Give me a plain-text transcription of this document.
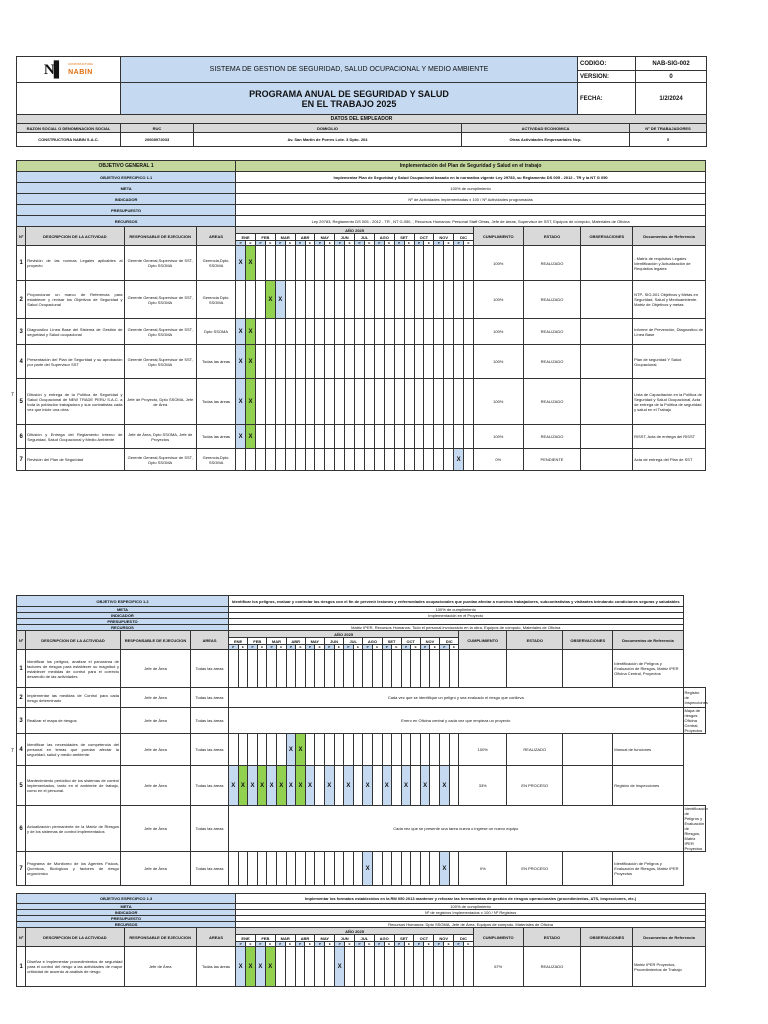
N▌ CONSTRUCTORA
NABIN	SISTEMA DE GESTION DE SEGURIDAD, SALUD OCUPACIONAL Y MEDIO AMBIENTE	CODIGO:	NAB-SIG-002
		VERSION:	0

	PROGRAMA ANUAL DE SEGURIDAD Y SALUD
EN EL TRABAJO 2025	FECHA:	1/2/2024
DATOS DEL EMPLEADOR				
RAZON SOCIAL O DENOMINACION SOCIAL	RUC	DOMICILIO	ACTIVIDAD ECONOMICA	Nº DE TRABAJADORES
CONSTRUCTORA NABIN S.A.C.	20608974033	Av. San Martin de Porres Lote. 3 Dpto. 204	Otras Actividades Empresariales Ncp.	5
7
7
OBJETIVO GENERAL 1				Implementación del Plan de Seguridad y Salud en el trabajo																											
OBJETIVO ESPECIFICO 1.1				Implementar Plan de Seguridad y Salud Ocupacional basado en la normativa vigente Ley 29783, su Reglamento DS 005 - 2012 - TR y la NT G 050																											
META				100% de cumplimiento																											
INDICADOR				Nº de Actividades Implementadas x 100 / Nº Actividades programadas																											
PRESUPUESTO																															
RECURSOS				Ley 29783, Reglamento DS 005 - 2012 - TR , NT G.050, , Recursos Humanos: Personal Staff Obras, Jefe de áreas, Supervisor de SST, Equipos de cómputo, Materiales de Oficina																											
Nº	DESCRIPCION DE LA ACTIVIDAD	RESPONSABLE DE EJECUCION	AREAS	AÑO 2025																								CUMPLIMIENTO	ESTADO	OBSERVACIONES	Documentos de Referencia
				ENE		FEB		MAR		ABR		MAY		JUN		JUL		AGO		SET		OCT		NOV		DIC					
				P	E	P	E	P	E	P	E	P	E	P	E	P	E	P	E	P	E	P	E	P	E	P	E				
1	Revisión de las normas Legales aplicables al proyecto	Gerente General,Supervisor de SST, Dpto SSOMA	Gerencia,Dpto. SSOMA	X	X																							100%	REALIZADO		- Matriz de requisitos Legales
Identificación y Actualización de Requisitos legales
2	Proporcionar un marco de Referencia para establecer y revisar los Objetivos de Seguridad y Salud Ocupacional	Gerente General,Supervisor de SST, Dpto SSOMA	Gerencia Dpto. SSOMA				X	X																				100%	REALIZADO		NTP- SIG-001 Objetivos y Metas en Seguridad, Salud y Medioambiente.
Matriz de Objetivos y metas
3	Diagnostico Línea Base del Sistema de Gestión de seguridad y Salud ocupacional	Gerente General,Supervisor de SST, Dpto SSOMA	Dpto SSOMA	X	X																							100%	REALIZADO		Informe de Prevención, Diagnostico de Línea Base
4	Presentación del Plan de Seguridad y su aprobación por parte del Supervisor SST	Gerente General,Supervisor de SST, Dpto SSOMA	Todas las áreas	X	X																							100%	REALIZADO		Plan de seguridad Y Salud Ocupacional.
5	Difusión y entrega de la Política de Seguridad y Salud Ocupacional de NEW TRADE PERU S.A.C. a toda la población trabajadora y sus contratistas cada vez que inicie una obra.	Jefe de Proyecto, Dpto SSOMA, Jefe de Área	Todas las áreas	X	X																							100%	REALIZADO		Lista de Capacitación en la Política de Seguridad y Salud Ocupacional, Acta de entrega de la Política de seguridad y salud en el Trabajo
6	Difusión y Entrega del Reglamento Interno de Seguridad, Salud Ocupacional y Medio Ambiente	Jefe de Área, Dpto SSOMA, Jefe de Proyectos	Todas las áreas	X	X																							100%	REALIZADO		RISST, Acta de entrega del RISST
7	Revisión del Plan de Seguridad	Gerente General,Supervisor de SST, Dpto SSOMA	Gerencia,Dpto. SSOMA																							X		0%	PENDIENTE		Acta de entrega del Plan de SST
OBJETIVO ESPECIFICO 1.2				Identificar los peligros, evaluar y controlar los riesgos con el fin de prevenir lesiones y enfermedades ocupacionales que puedan afectar a nuestros trabajadores, subcontratistas y visitantes brindando condiciones seguras y saludables																												
META				100% de cumplimiento																												
INDICADOR				Implementación en el Proyecto																												
PRESUPUESTO																																
RECURSOS				Matriz IPER, Recursos Humanos: Todo el personal involucrado en la obra, Equipos de computo, Materiales de Oficina																												
Nº	DESCRIPCION DE LA ACTIVIDAD	RESPONSABLE DE EJECUCION	AREAS	AÑO 2025																								CUMPLIMIENTO	ESTADO	OBSERVACIONES	Documentos de Referencia	
				ENE		FEB		MAR		ABR		MAY		JUN		JUL		AGO		SET		OCT		NOV		DIC						
				P	E	P	E	P	E	P	E	P	E	P	E	P	E	P	E	P	E	P	E	P	E	P	E					
1	Identificar los peligros, analizar el panorama de factores de riesgos para establecer su magnitud y establecer medidas de control para el correcto desarrollo de las actividades	Jefe de Área	Todas las áreas																												Identificación de Peligros y Evaluación de Riesgos, Matriz IPER Oficina Central, Proyectos	
2	Implementar las medidas de Control para cada riesgo determinado	Jefe de Área	Todas las áreas	Cada vez que se identifique un peligro y sea evaluado el riesgo que conlleva																												Registro de Inspecciones
3	Realizar el mapa de riesgos	Jefe de Área	Todas las áreas	Enero en Oficina central y cada vez que empieza un proyecto																												Mapa de riesgos Oficina Central, Proyectos
4	Identificar las necesidades de competencia del personal en temas que puedan afectar la seguridad, salud y medio ambiente.	Jefe de Área	Todas las áreas							X	X																	100%	REALIZADO		Manual de funciones	
5	Mantenimiento periódico de los sistemas de control implementados, tanto en el ambiente de trabajo, como en el personal.	Jefe de Área	Todas las áreas	X	X	X	X	X	X	X	X	X		X		X		X		X		X		X		X		33%	EN PROCESO		Registro de Inspecciones	
6	Actualización permanente de la Matriz de Riesgos y de los sistemas de control implementados	Jefe de Área	Todas las áreas	Cada vez que se presente una tarea nueva o ingrese un nuevo equipo																												Identificación de Peligros y Evaluación de Riesgos, Matriz IPER Proyectos
7	Programa de Monitoreo de los Agentes Físicos, Químicos, Biológicos y factores de riesgo ergonómico	Jefe de Área	Todas las áreas															X								X		0%	EN PROCESO		Identificación de Peligros y Evaluación de Riesgos, Matriz IPER Proyectos	
OBJETIVO ESPECIFICO 1.3				Implementar los formatos establecidos en la RM 050 2013 mantener y reforzar las herramientas de gestión de riesgos operacionales (procedimientos, ATS, Inspecciones, etc.)																											
META				100% de cumplimiento																											
INDICADOR				Nº de registros Implementados x 100 / Nº Registros																											
PRESUPUESTO																															
RECURSOS				Recursos Humanos: Dpto SSOMA, Jefe de Área, Equipos de computo, Materiales de Oficina																											
Nº	DESCRIPCION DE LA ACTIVIDAD	RESPONSABLE DE EJECUCION	AREAS	AÑO 2025																								CUMPLIMIENTO	ESTADO	OBSERVACIONES	Documentos de Referencia
				ENE		FEB		MAR		ABR		MAY		JUN		JUL		AGO		SET		OCT		NOV		DIC					
				P	E	P	E	P	E	P	E	P	E	P	E	P	E	P	E	P	E	P	E	P	E	P	E				
1	Diseñar e Implementar procedimientos de seguridad para el control del riesgo a las actividades de mayor criticidad de acuerdo al análisis de riesgo	Jefe de Área	Todas las áreas	X	X	X	X							X														67%	REALIZADO		Matriz IPER Proyectos, Procedimientos de Trabajo
